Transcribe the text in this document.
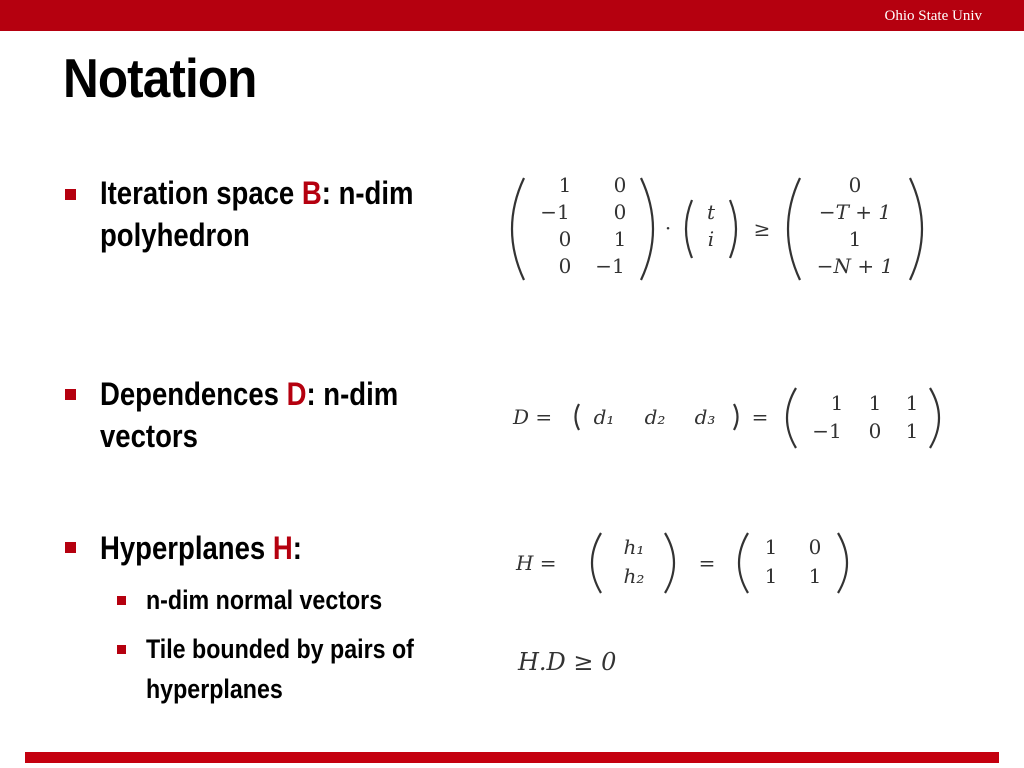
Ohio State Univ
Notation
Iteration space B: n-dim
polyhedron
Dependences D: n-dim
vectors
Hyperplanes H:
n-dim normal vectors
Tile bounded by pairs of
hyperplanes
1 0
−1 0
0 1
0 −1
·
t
i ≥
0
−T + 1
1
−N + 1
D = d₁ d₂ d₃ =
1 1 1
−1 0 1
H =
h₁
h₂
=
1 0
1 1
H.D ≥ 0
